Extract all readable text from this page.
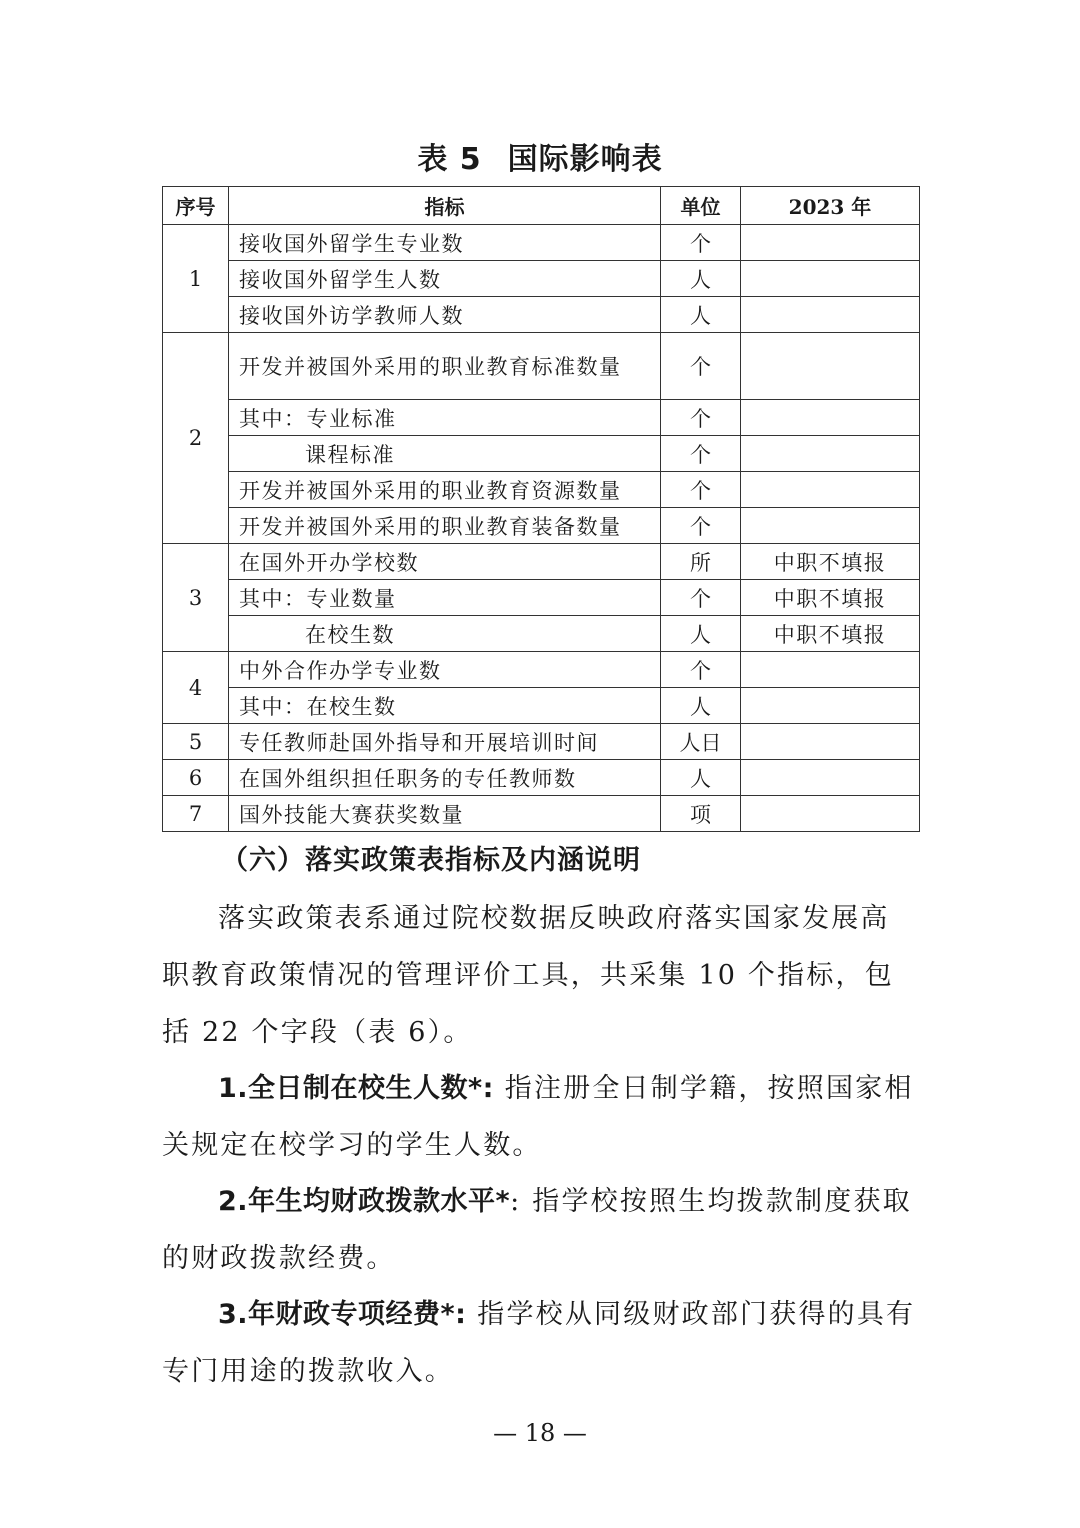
表 5 国际影响表
序号	指标	单位	2023 年
1	接收国外留学生专业数	个	
	接收国外留学生人数	人	
	接收国外访学教师人数	人	
2	开发并被国外采用的职业教育标准数量	个	
	其中：专业标准	个	
	课程标准	个	
	开发并被国外采用的职业教育资源数量	个	
	开发并被国外采用的职业教育装备数量	个	
3	在国外开办学校数	所	中职不填报
	其中：专业数量	个	中职不填报
	在校生数	人	中职不填报
4	中外合作办学专业数	个	
	其中：在校生数	人	
5	专任教师赴国外指导和开展培训时间	人日	
6	在国外组织担任职务的专任教师数	人	
7	国外技能大赛获奖数量	项	
（六）落实政策表指标及内涵说明
落实政策表系通过院校数据反映政府落实国家发展高职教育政策情况的管理评价工具，共采集 10 个指标，包括 22 个字段（表 6）。
1.全日制在校生人数*: 指注册全日制学籍，按照国家相关规定在校学习的学生人数。
2.年生均财政拨款水平*: 指学校按照生均拨款制度获取的财政拨款经费。
3.年财政专项经费*: 指学校从同级财政部门获得的具有专门用途的拨款收入。
— 18 —
